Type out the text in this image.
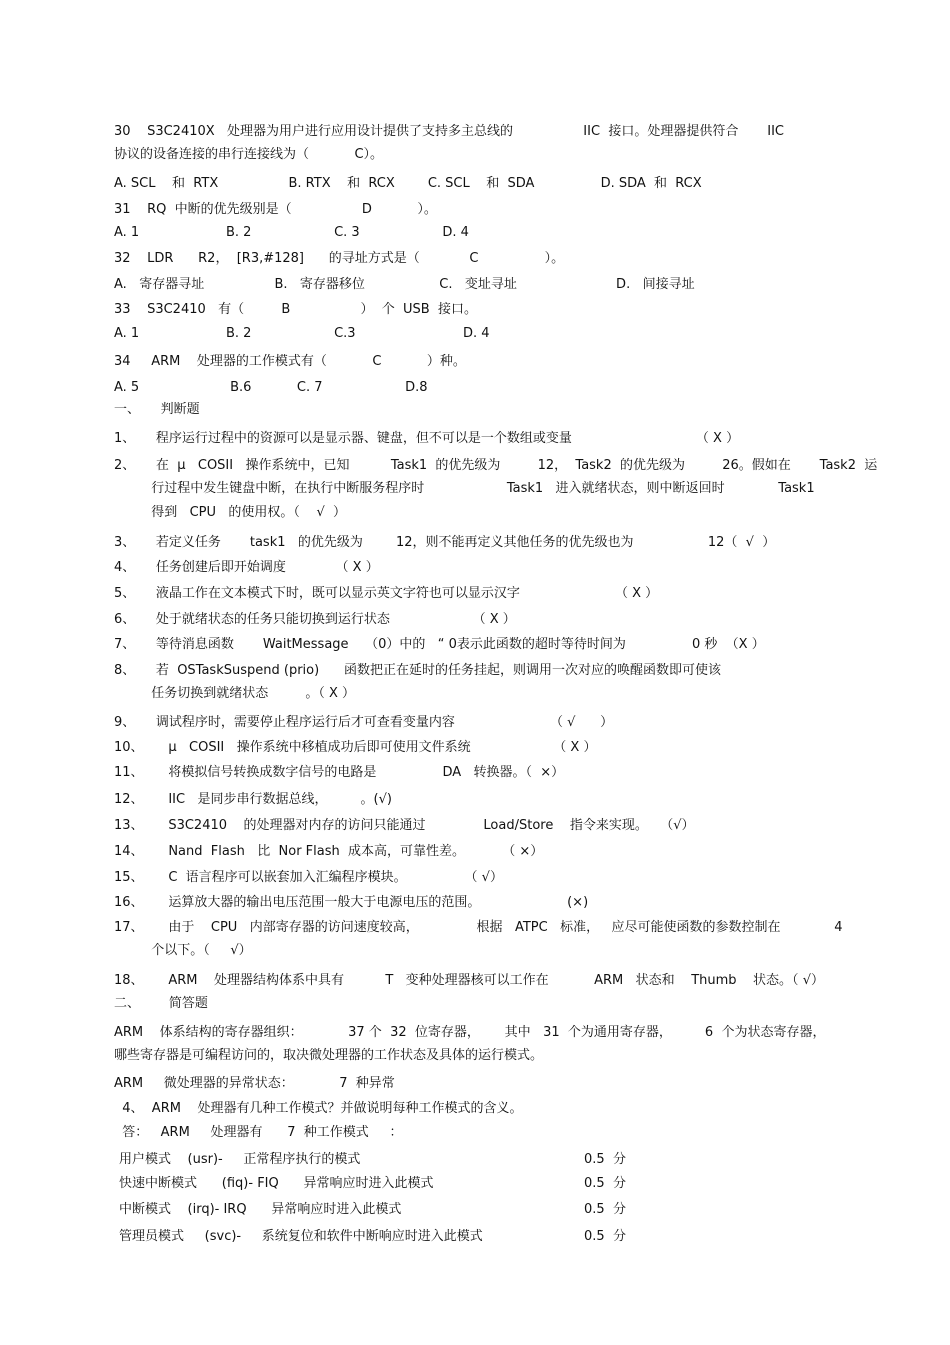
30    S3C2410X   处理器为用户进行应用设计提供了支持多主总线的                 IIC  接口。处理器提供符合       IIC
协议的设备连接的串行连接线为（           C）。
A. SCL    和  RTX                 B. RTX    和  RCX        C. SCL    和  SDA                D. SDA  和  RCX
31    RQ  中断的优先级别是（                 D           ）。
A. 1                     B. 2                    C. 3                    D. 4
32    LDR      R2，  [R3,#128]      的寻址方式是（            C                ）。
A.   寄存器寻址                 B.   寄存器移位                  C.   变址寻址                        D.   间接寻址
33    S3C2410   有（         B                 ）  个  USB  接口。
A. 1                     B. 2                    C.3                          D. 4
34     ARM    处理器的工作模式有（           C           ）种。
A. 5                      B.6           C. 7                    D.8
一、     判断题
1、     程序运行过程中的资源可以是显示器、键盘，但不可以是一个数组或变量                              （ X ）
2、     在  μ   COSII   操作系统中，已知          Task1  的优先级为         12，  Task2  的优先级为         26。假如在       Task2  运
行过程中发生键盘中断，在执行中断服务程序时                    Task1   进入就绪状态，则中断返回时             Task1
得到   CPU   的使用权。（    √  ）
3、     若定义任务       task1   的优先级为        12，则不能再定义其他任务的优先级也为                  12（  √  ）
4、     任务创建后即开始调度            （ X ）
5、     液晶工作在文本模式下时，既可以显示英文字符也可以显示汉字                       （ X ）
6、     处于就绪状态的任务只能切换到运行状态                    （ X ）
7、     等待消息函数       WaitMessage    （0）中的   “ 0表示此函数的超时等待时间为                0 秒  （X ）
8、     若  OSTaskSuspend (prio)      函数把正在延时的任务挂起，则调用一次对应的唤醒函数即可使该
任务切换到就绪状态         。（ X ）
9、     调试程序时，需要停止程序运行后才可查看变量内容                       （ √      ）
10、      μ   COSII   操作系统中移植成功后即可使用文件系统                    （ X ）
11、      将模拟信号转换成数字信号的电路是                DA   转换器。（  ×）
12、      IIC   是同步串行数据总线，        。(√)
13、      S3C2410    的处理器对内存的访问只能通过              Load/Store    指令来实现。   （√）
14、      Nand  Flash   比  Nor Flash  成本高，可靠性差。         （ ×）
15、      C  语言程序可以嵌套加入汇编程序模块。              （ √）
16、      运算放大器的输出电压范围一般大于电源电压的范围。                     (×)
17、      由于    CPU   内部寄存器的访问速度较高，              根据   ATPC   标准，   应尽可能使函数的参数控制在             4
个以下。（     √）
18、      ARM    处理器结构体系中具有          T   变种处理器核可以工作在           ARM   状态和    Thumb    状态。（ √）
二、       简答题
ARM    体系结构的寄存器组织：           37 个  32  位寄存器，      其中   31  个为通用寄存器，        6  个为状态寄存器，
哪些寄存器是可编程访问的，取决微处理器的工作状态及具体的运行模式。
ARM     微处理器的异常状态：           7  种异常
4、  ARM    处理器有几种工作模式？并做说明每种工作模式的含义。
答：   ARM     处理器有      7  种工作模式     ：
用户模式    (usr)-     正常程序执行的模式	0.5  分
快速中断模式      (fiq)- FIQ      异常响应时进入此模式	0.5  分
中断模式    (irq)- IRQ      异常响应时进入此模式	0.5  分
管理员模式     (svc)-     系统复位和软件中断响应时进入此模式	0.5  分
